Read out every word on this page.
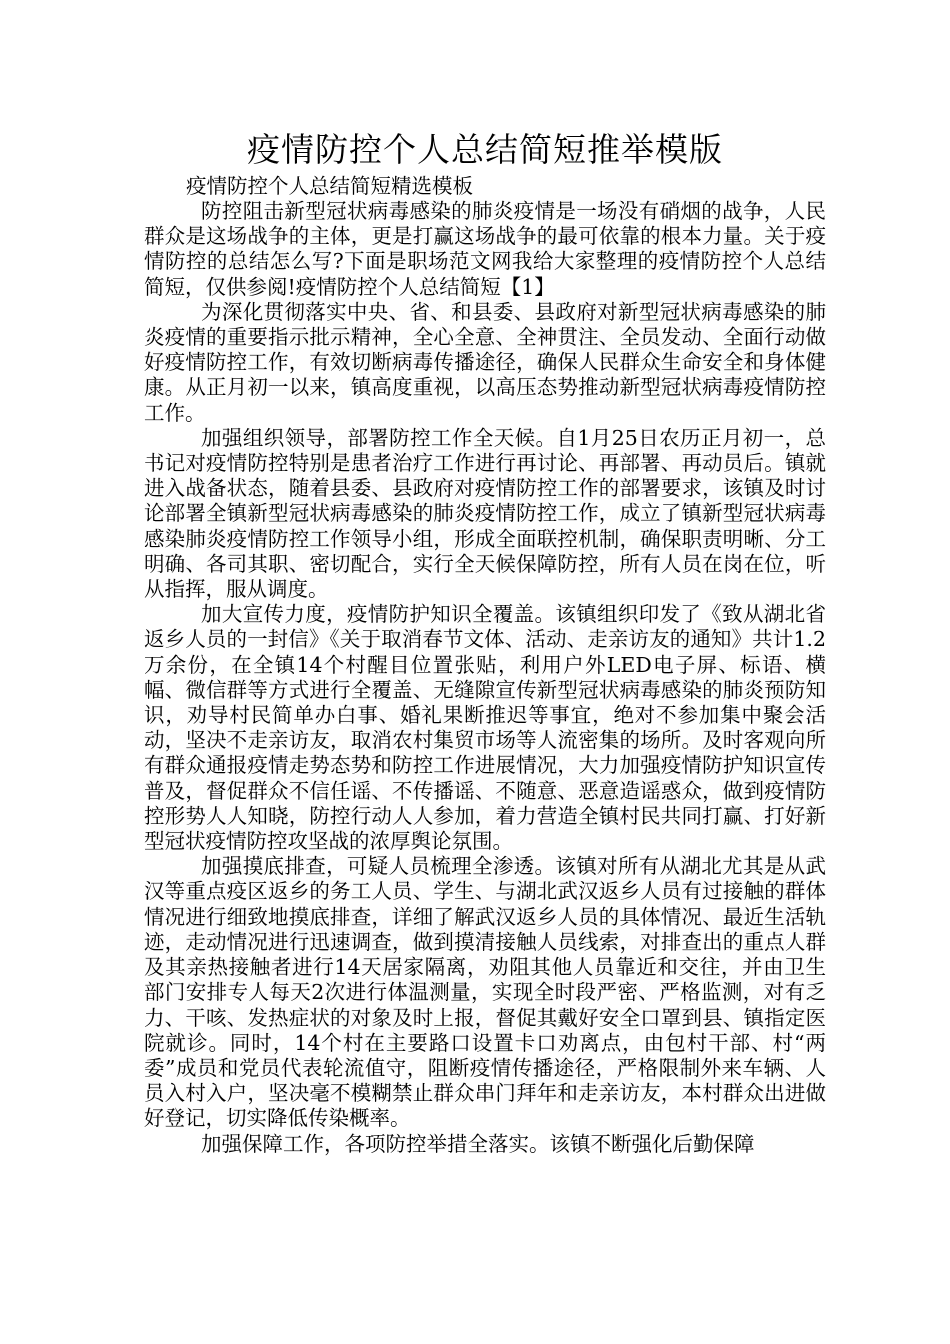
疫情防控个人总结简短推举模版

疫情防控个人总结简短精选模板

防控阻击新型冠状病毒感染的肺炎疫情是一场没有硝烟的战争，人民群众是这场战争的主体，更是打赢这场战争的最可依靠的根本力量。关于疫情防控的总结怎么写?下面是职场范文网我给大家整理的疫情防控个人总结简短，仅供参阅!疫情防控个人总结简短【1】

为深化贯彻落实中央、省、和县委、县政府对新型冠状病毒感染的肺炎疫情的重要指示批示精神，全心全意、全神贯注、全员发动、全面行动做好疫情防控工作，有效切断病毒传播途径，确保人民群众生命安全和身体健康。从正月初一以来，镇高度重视，以高压态势推动新型冠状病毒疫情防控工作。

加强组织领导，部署防控工作全天候。自1月25日农历正月初一，总书记对疫情防控特别是患者治疗工作进行再讨论、再部署、再动员后。镇就进入战备状态，随着县委、县政府对疫情防控工作的部署要求，该镇及时讨论部署全镇新型冠状病毒感染的肺炎疫情防控工作，成立了镇新型冠状病毒感染肺炎疫情防控工作领导小组，形成全面联控机制，确保职责明晰、分工明确、各司其职、密切配合，实行全天候保障防控，所有人员在岗在位，听从指挥，服从调度。

加大宣传力度，疫情防护知识全覆盖。该镇组织印发了《致从湖北省返乡人员的一封信》《关于取消春节文体、活动、走亲访友的通知》共计1.2万余份，在全镇14个村醒目位置张贴，利用户外LED电子屏、标语、横幅、微信群等方式进行全覆盖、无缝隙宣传新型冠状病毒感染的肺炎预防知识，劝导村民简单办白事、婚礼果断推迟等事宜，绝对不参加集中聚会活动，坚决不走亲访友，取消农村集贸市场等人流密集的场所。及时客观向所有群众通报疫情走势态势和防控工作进展情况，大力加强疫情防护知识宣传普及，督促群众不信任谣、不传播谣、不随意、恶意造谣惑众，做到疫情防控形势人人知晓，防控行动人人参加，着力营造全镇村民共同打赢、打好新型冠状疫情防控攻坚战的浓厚舆论氛围。

加强摸底排查，可疑人员梳理全渗透。该镇对所有从湖北尤其是从武汉等重点疫区返乡的务工人员、学生、与湖北武汉返乡人员有过接触的群体情况进行细致地摸底排查，详细了解武汉返乡人员的具体情况、最近生活轨迹，走动情况进行迅速调查，做到摸清接触人员线索，对排查出的重点人群及其亲热接触者进行14天居家隔离，劝阻其他人员靠近和交往，并由卫生部门安排专人每天2次进行体温测量，实现全时段严密、严格监测，对有乏力、干咳、发热症状的对象及时上报，督促其戴好安全口罩到县、镇指定医院就诊。同时，14个村在主要路口设置卡口劝离点，由包村干部、村“两委”成员和党员代表轮流值守，阻断疫情传播途径，严格限制外来车辆、人员入村入户，坚决毫不模糊禁止群众串门拜年和走亲访友，本村群众出进做好登记，切实降低传染概率。

加强保障工作，各项防控举措全落实。该镇不断强化后勤保障
